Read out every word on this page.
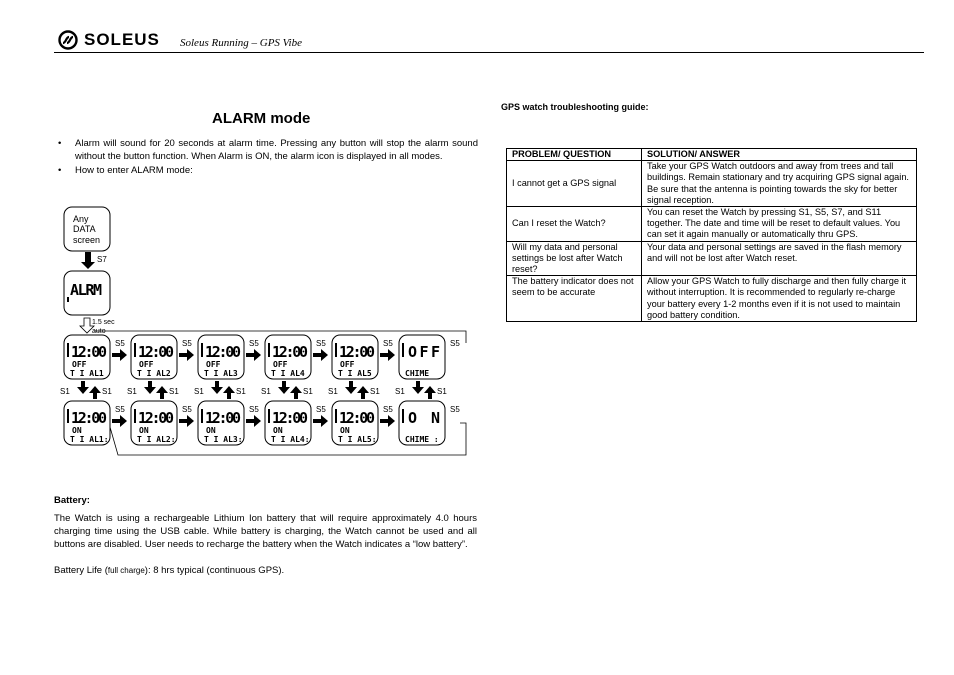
SOLEUS Soleus Running – GPS Vibe
ALARM mode
•	Alarm will sound for 20 seconds at alarm time. Pressing any button will stop the alarm sound without the button function. When Alarm is ON, the alarm icon is displayed in all modes.
•	How to enter ALARM mode:
Any
DATA
screen
S7
ALRM
1.5 sec
auto
12:00
OFF
T I AL1
S5
S1	S1
12:00
OFF
T I AL2
S5
S1	S1
12:00
OFF
T I AL3
S5
S1	S1
12:00
OFF
T I AL4
S5
S1	S1
12:00
OFF
T I AL5
S5
S1	S1
OFF
CHIME
S5
S1	S1
12:00
ON
T I AL1:
S5 12:00
ON
T I AL2:
S5 12:00
ON
T I AL3:
S5 12:00
ON
T I AL4:
S5 12:00
ON
T I AL5:
S5 ON
CHIME :
S5
Battery:
The Watch is using a rechargeable Lithium Ion battery that will require approximately 4.0 hours charging time using the USB cable. While battery is charging, the Watch cannot be used and all buttons are disabled. User needs to recharge the battery when the Watch indicates a “low battery”.
Battery Life (full charge): 8 hrs typical (continuous GPS).
GPS watch troubleshooting guide:
PROBLEM/ QUESTION	SOLUTION/ ANSWER
I cannot get a GPS signal	Take your GPS Watch outdoors and away from trees and tall buildings. Remain stationary and try acquiring GPS signal again. Be sure that the antenna is pointing towards the sky for better signal reception.
Can I reset the Watch?	You can reset the Watch by pressing S1, S5, S7, and S11 together. The date and time will be reset to default values. You can set it again manually or automatically thru GPS.
Will my data and personal settings be lost after Watch reset?	Your data and personal settings are saved in the flash memory and will not be lost after Watch reset.
The battery indicator does not seem to be accurate	Allow your GPS Watch to fully discharge and then fully charge it without interruption. It is recommended to regularly re-charge your battery every 1-2 months even if it is not used to maintain good battery condition.
